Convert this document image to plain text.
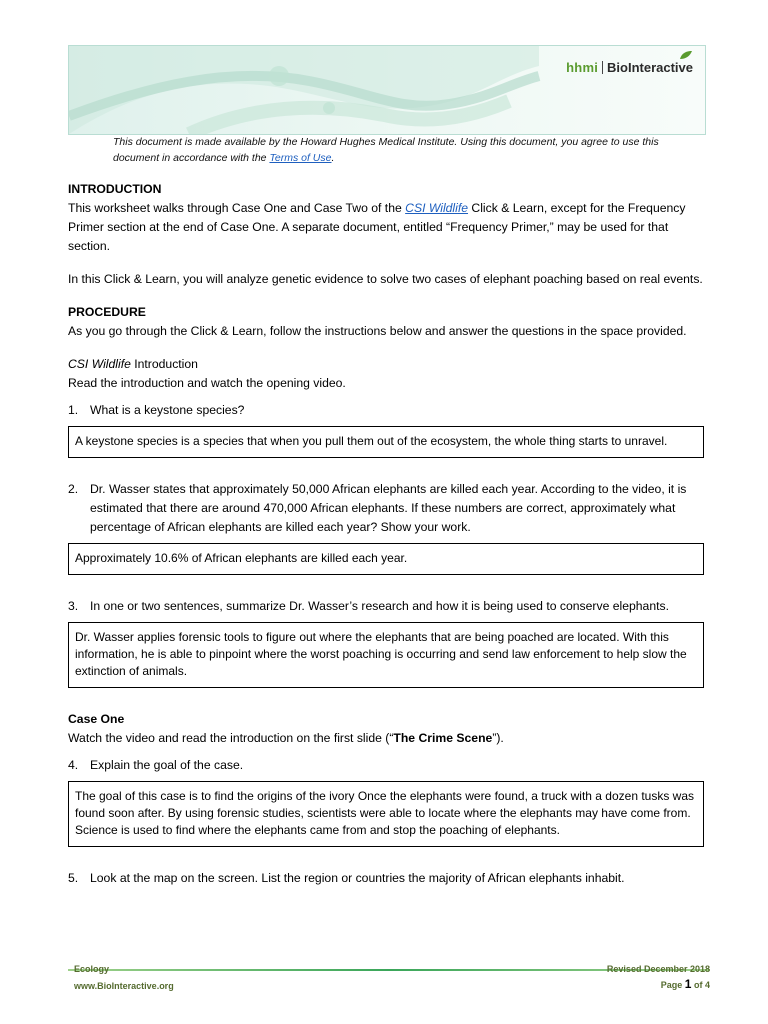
hhmi BioInteractive
This document is made available by the Howard Hughes Medical Institute. Using this document, you agree to use this document in accordance with the Terms of Use.

INTRODUCTION

This worksheet walks through Case One and Case Two of the CSI Wildlife Click & Learn, except for the Frequency Primer section at the end of Case One. A separate document, entitled “Frequency Primer,” may be used for that section.

In this Click & Learn, you will analyze genetic evidence to solve two cases of elephant poaching based on real events.

PROCEDURE

As you go through the Click & Learn, follow the instructions below and answer the questions in the space provided.

CSI Wildlife Introduction

Read the introduction and watch the opening video.

1. What is a keystone species?
A keystone species is a species that when you pull them out of the ecosystem, the whole thing starts to unravel.
2. Dr. Wasser states that approximately 50,000 African elephants are killed each year. According to the video, it is estimated that there are around 470,000 African elephants. If these numbers are correct, approximately what percentage of African elephants are killed each year? Show your work.
Approximately 10.6% of African elephants are killed each year.
3. In one or two sentences, summarize Dr. Wasser’s research and how it is being used to conserve elephants.
Dr. Wasser applies forensic tools to figure out where the elephants that are being poached are located. With this information, he is able to pinpoint where the worst poaching is occurring and send law enforcement to help slow the extinction of animals.

Case One

Watch the video and read the introduction on the first slide (“The Crime Scene”).

4. Explain the goal of the case.
The goal of this case is to find the origins of the ivory Once the elephants were found, a truck with a dozen tusks was found soon after. By using forensic studies, scientists were able to locate where the elephants may have come from. Science is used to find where the elephants came from and stop the poaching of elephants.
5. Look at the map on the screen. List the region or countries the majority of African elephants inhabit.
Ecology
www.BioInteractive.org
Revised December 2018
Page 1 of 4
